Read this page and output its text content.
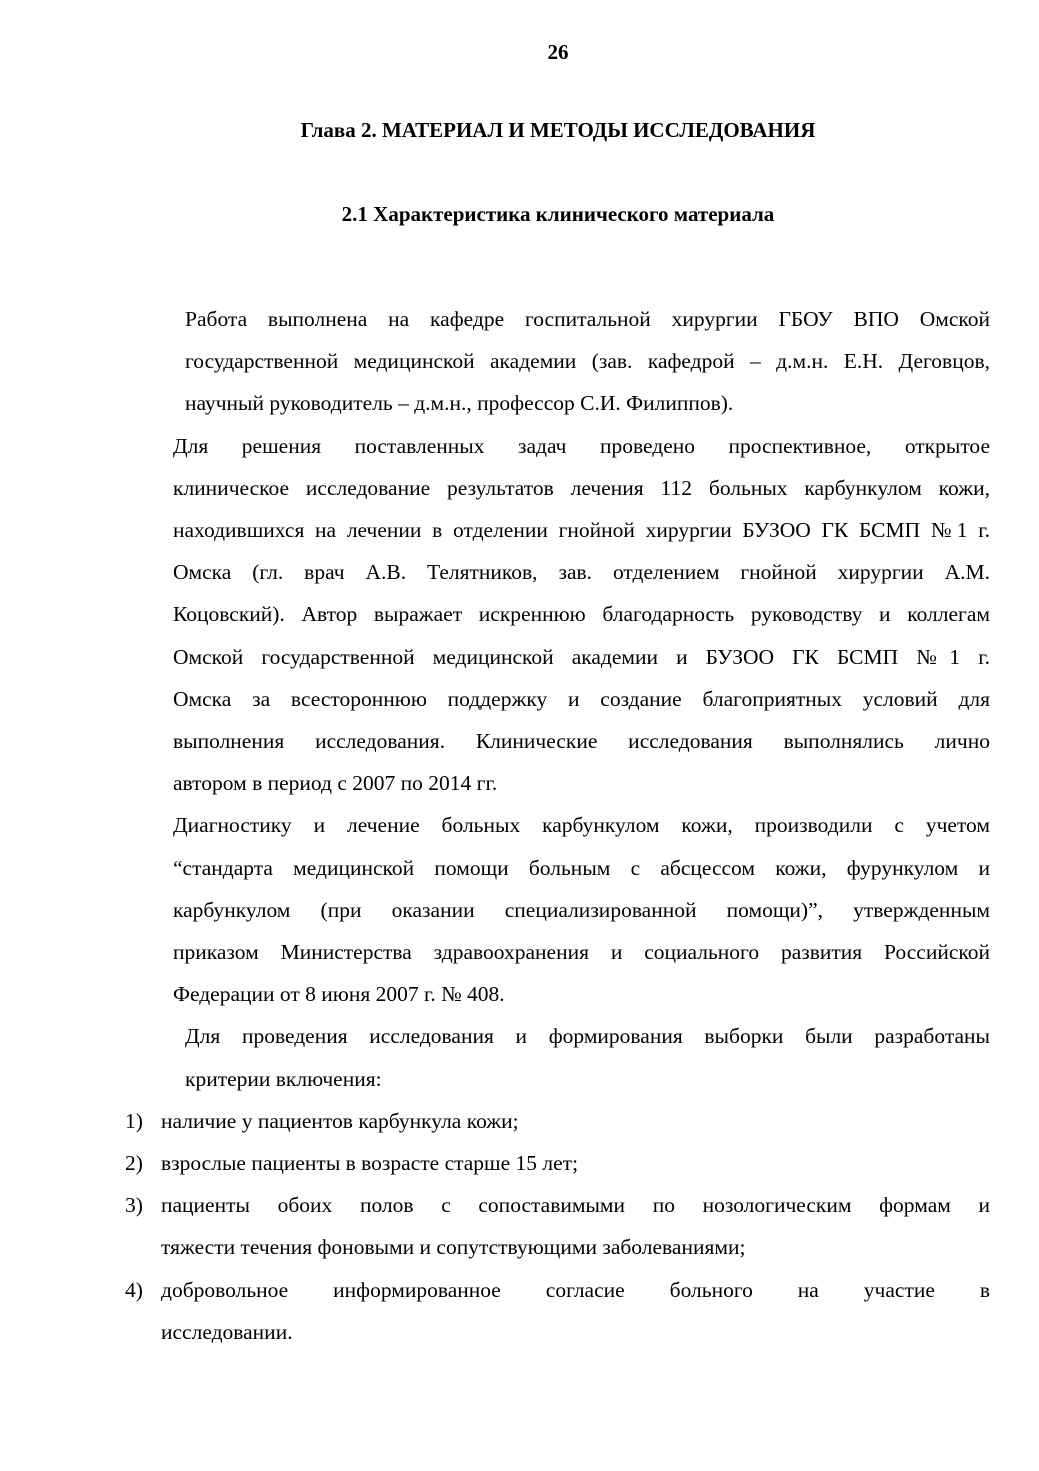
26
Глава 2. МАТЕРИАЛ И МЕТОДЫ ИССЛЕДОВАНИЯ
2.1 Характеристика клинического материала

Работа выполнена на кафедре госпитальной хирургии ГБОУ ВПО Омской
государственной медицинской академии (зав. кафедрой – д.м.н. Е.Н. Деговцов,
научный руководитель – д.м.н., профессор С.И. Филиппов).

Для решения поставленных задач проведено проспективное, открытое
клиническое исследование результатов лечения 112 больных карбункулом кожи,
находившихся на лечении в отделении гнойной хирургии БУЗОО ГК БСМП №1 г.
Омска (гл. врач А.В. Телятников, зав. отделением гнойной хирургии А.М.
Коцовский). Автор выражает искреннюю благодарность руководству и коллегам
Омской государственной медицинской академии и БУЗОО ГК БСМП №1 г.
Омска за всестороннюю поддержку и создание благоприятных условий для
выполнения исследования. Клинические исследования выполнялись лично
автором в период с 2007 по 2014 гг.

Диагностику и лечение больных карбункулом кожи, производили с учетом
“стандарта медицинской помощи больным с абсцессом кожи, фурункулом и
карбункулом (при оказании специализированной помощи)”, утвержденным
приказом Министерства здравоохранения и социального развития Российской
Федерации от 8 июня 2007 г. № 408.

Для проведения исследования и формирования выборки были разработаны
критерии включения:

1) наличие у пациентов карбункула кожи;
2) взрослые пациенты в возрасте старше 15 лет;
3) пациенты обоих полов с сопоставимыми по нозологическим формам и
тяжести течения фоновыми и сопутствующими заболеваниями;
4) добровольное информированное согласие больного на участие в
исследовании.
